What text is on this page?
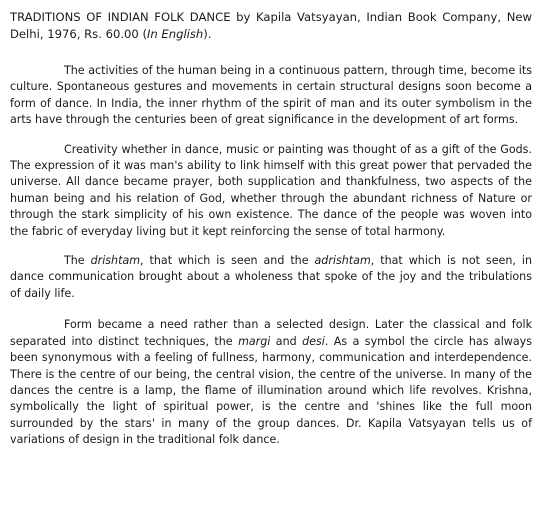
TRADITIONS OF INDIAN FOLK DANCE by Kapila Vatsyayan, Indian Book Company, New Delhi, 1976, Rs. 60.00 (In English).

The activities of the human being in a continuous pattern, through time, become its culture. Spontaneous gestures and movements in certain structural designs soon become a form of dance. In India, the inner rhythm of the spirit of man and its outer symbolism in the arts have through the centuries been of great significance in the development of art forms.

Creativity whether in dance, music or painting was thought of as a gift of the Gods. The expression of it was man's ability to link himself with this great power that pervaded the universe. All dance became prayer, both supplication and thankfulness, two aspects of the human being and his relation of God, whether through the abundant richness of Nature or through the stark simplicity of his own existence. The dance of the people was woven into the fabric of everyday living but it kept reinforcing the sense of total harmony.

The drishtam, that which is seen and the adrishtam, that which is not seen, in dance communication brought about a wholeness that spoke of the joy and the tribulations of daily life.

Form became a need rather than a selected design. Later the classical and folk separated into distinct techniques, the margi and desi. As a symbol the circle has always been synonymous with a feeling of fullness, harmony, communication and interdependence. There is the centre of our being, the central vision, the centre of the universe. In many of the dances the centre is a lamp, the flame of illumination around which life revolves. Krishna, symbolically the light of spiritual power, is the centre and 'shines like the full moon surrounded by the stars' in many of the group dances. Dr. Kapila Vatsyayan tells us of variations of design in the traditional folk dance.
